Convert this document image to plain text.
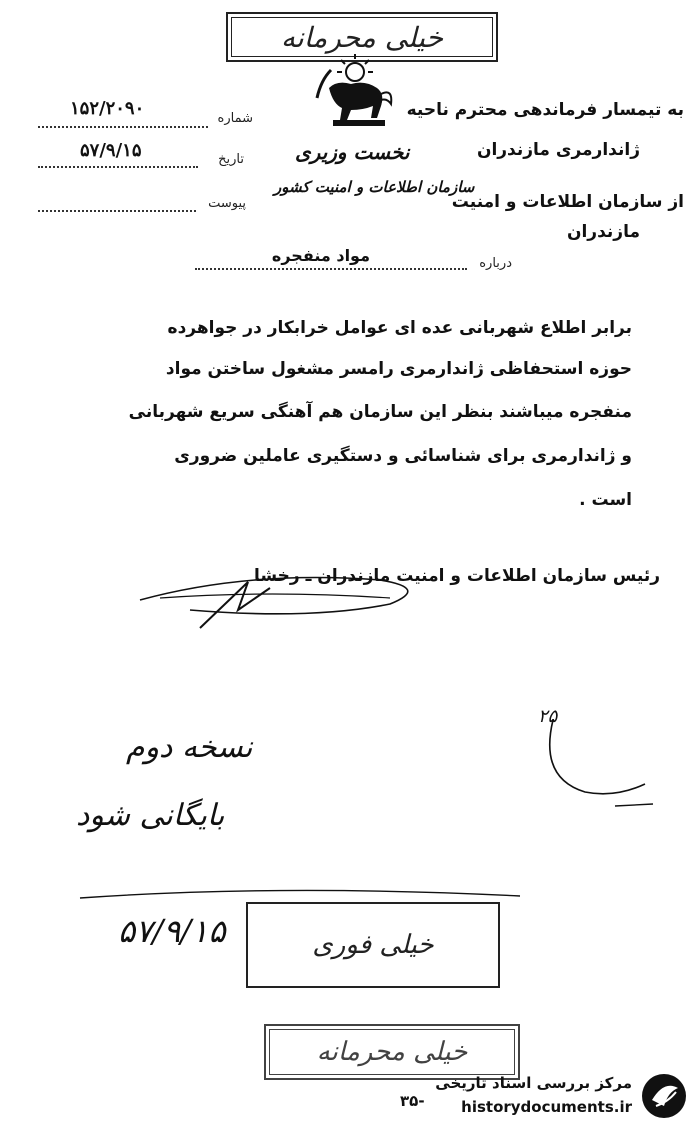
خیلی محرمانه
نخست وزیری
سازمان اطلاعات و امنیت کشور
شماره
۱۵۲/۲۰۹۰
تاریخ
۵۷/۹/۱۵
پیوست
به تیمسار فرماندهی محترم ناحیه
ژاندارمری مازندران
از سازمان اطلاعات و امنیت
مازندران
درباره
مواد منفجره
برابر اطلاع شهربانی عده ای عوامل خرابکار در جواهرده
حوزه استحفاظی ژاندارمری رامسر مشغول ساختن مواد
منفجره میباشند بنظر این سازمان هم آهنگی سریع شهربانی
و ژاندارمری برای شناسائی و دستگیری عاملین ضروری
است .
رئیس سازمان اطلاعات و امنیت مازندران ـ رخشا
۲۵
نسخه دوم
بایگانی شود
۵۷/۹/۱۵	خیلی فوری
خیلی محرمانه
مرکز بررسی اسناد تاریخی
historydocuments.ir
-۳۵
